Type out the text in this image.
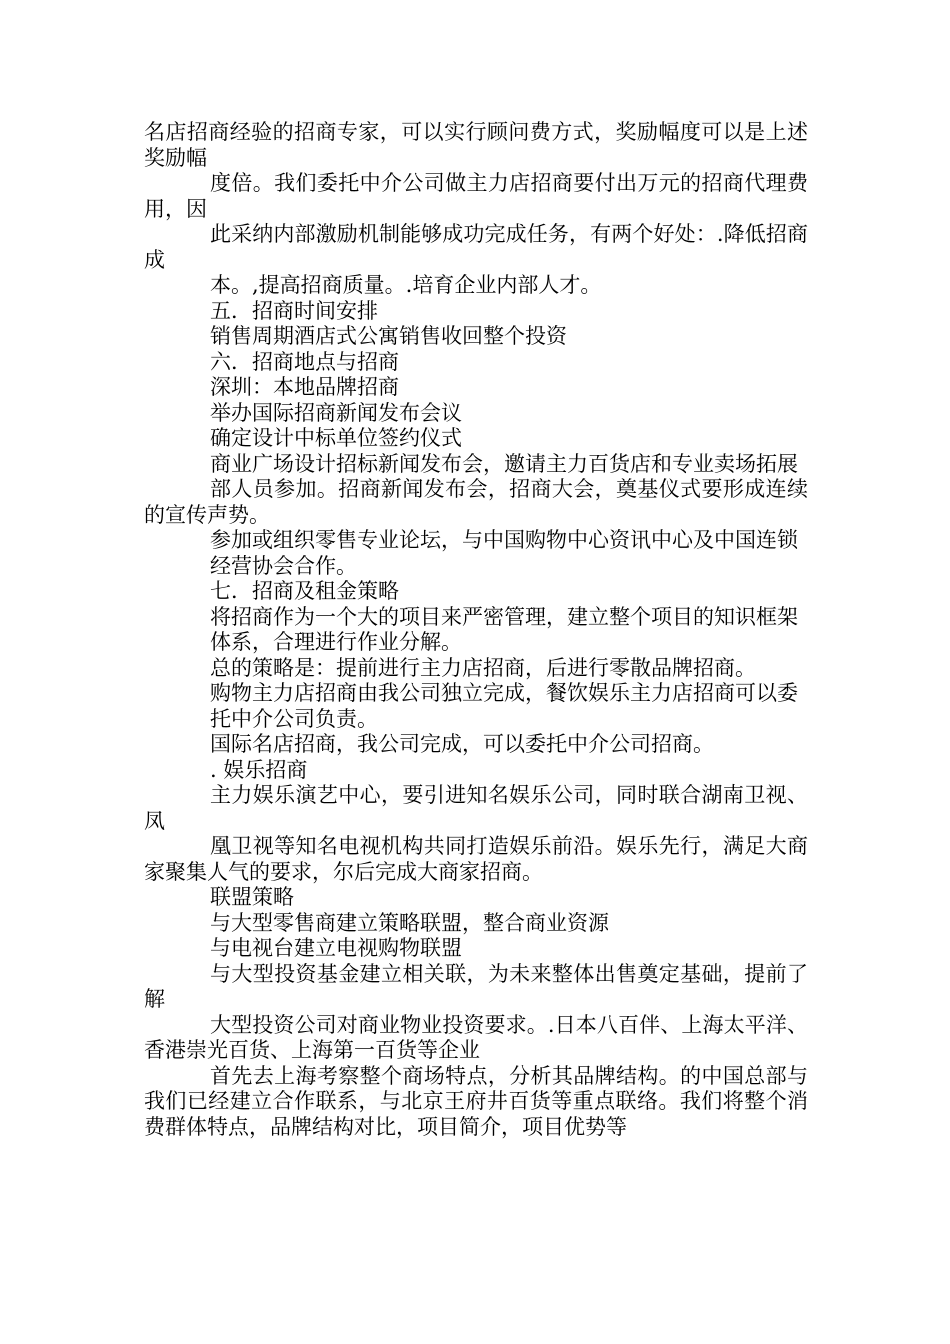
名店招商经验的招商专家，可以实行顾问费方式，奖励幅度可以是上述奖励幅

度倍。我们委托中介公司做主力店招商要付出万元的招商代理费用，因

此采纳内部激励机制能够成功完成任务，有两个好处：.降低招商成

本。,提高招商质量。.培育企业内部人才。

五．招商时间安排

销售周期酒店式公寓销售收回整个投资

六．招商地点与招商

深圳：本地品牌招商

举办国际招商新闻发布会议

确定设计中标单位签约仪式

商业广场设计招标新闻发布会，邀请主力百货店和专业卖场拓展

部人员参加。招商新闻发布会，招商大会，奠基仪式要形成连续的宣传声势。

参加或组织零售专业论坛，与中国购物中心资讯中心及中国连锁

经营协会合作。

七．招商及租金策略

将招商作为一个大的项目来严密管理，建立整个项目的知识框架

体系，合理进行作业分解。

总的策略是：提前进行主力店招商，后进行零散品牌招商。

购物主力店招商由我公司独立完成，餐饮娱乐主力店招商可以委

托中介公司负责。

国际名店招商，我公司完成，可以委托中介公司招商。

. 娱乐招商

主力娱乐演艺中心，要引进知名娱乐公司，同时联合湖南卫视、凤

凰卫视等知名电视机构共同打造娱乐前沿。娱乐先行，满足大商家聚集人气的要求，尔后完成大商家招商。

联盟策略

与大型零售商建立策略联盟，整合商业资源

与电视台建立电视购物联盟

与大型投资基金建立相关联，为未来整体出售奠定基础，提前了解

大型投资公司对商业物业投资要求。.日本八百伴、上海太平洋、香港崇光百货、上海第一百货等企业

首先去上海考察整个商场特点，分析其品牌结构。的中国总部与我们已经建立合作联系，与北京王府井百货等重点联络。我们将整个消费群体特点，品牌结构对比，项目简介，项目优势等
